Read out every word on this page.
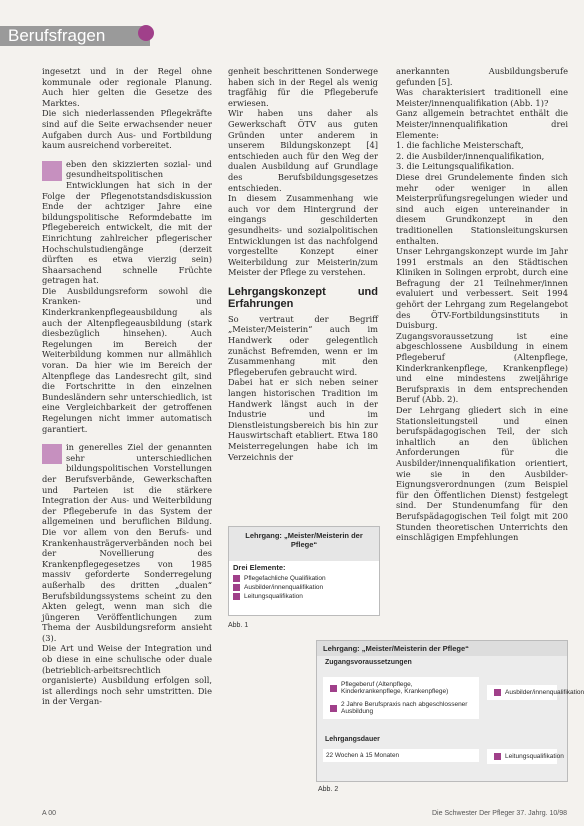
Berufsfragen

ingesetzt und in der Regel ohne kommunale oder regionale Planung. Auch hier gelten die Gesetze des Marktes.

Die sich niederlassenden Pflegekräfte sind auf die Seite erwachsender neuer Aufgaben durch Aus- und Fortbildung kaum ausreichend vorbereitet.

eben den skizzierten sozial- und gesundheitspolitischen Entwicklungen hat sich in der Folge der Pflegenotstandsdiskussion Ende der achtziger Jahre eine bildungspolitische Reformdebatte im Pflegebereich entwickelt, die mit der Einrichtung zahlreicher pflegerischer Hochschulstudiengänge (derzeit dürften es etwa vierzig sein) Shaarsachend schnelle Früchte getragen hat.

Die Ausbildungsreform sowohl die Kranken- und Kinderkrankenpflegeausbildung als auch der Altenpflegeausbildung (stark diesbezüglich hinsehen). Auch Regelungen im Bereich der Weiterbildung kommen nur allmählich voran. Da hier wie im Bereich der Altenpflege das Landesrecht gilt, sind die Fortschritte in den einzelnen Bundesländern sehr unterschiedlich, ist eine Vergleichbarkeit der getroffenen Regelungen nicht immer automatisch garantiert.

in generelles Ziel der genannten sehr unterschiedlichen bildungspolitischen Vorstellungen der Berufsverbände, Gewerkschaften und Parteien ist die stärkere Integration der Aus- und Weiterbildung der Pflegeberufe in das System der allgemeinen und beruflichen Bildung. Die vor allem von den Berufs- und Krankenhausträgerverbänden noch bei der Novellierung des Krankenpflegegesetzes von 1985 massiv geforderte Sonderregelung außerhalb des dritten „dualen“ Berufsbildungssystems scheint zu den Akten gelegt, wenn man sich die jüngeren Veröffentlichungen zum Thema der Ausbildungsreform ansieht (3).

Die Art und Weise der Integration und ob diese in eine schulische oder duale (betrieblich-arbeitsrechtlich organisierte) Ausbildung erfolgen soll, ist allerdings noch sehr umstritten. Die in der Vergan-

genheit beschrittenen Sonderwege haben sich in der Regel als wenig tragfähig für die Pflegeberufe erwiesen.

Wir haben uns daher als Gewerkschaft ÖTV aus guten Gründen unter anderem in unserem Bildungskonzept [4] entschieden auch für den Weg der dualen Ausbildung auf Grundlage des Berufsbildungsgesetzes entschieden.

In diesem Zusammenhang wie auch vor dem Hintergrund der eingangs geschilderten gesundheits- und sozialpolitischen Entwicklungen ist das nachfolgend vorgestellte Konzept einer Weiterbildung zur Meisterin/zum Meister der Pflege zu verstehen.

Lehrgangskonzept und Erfahrungen

So vertraut der Begriff „Meister/Meisterin“ auch im Handwerk oder gelegentlich zunächst Befremden, wenn er im Zusammenhang mit den Pflegeberufen gebraucht wird.

Dabei hat er sich neben seiner langen historischen Tradition im Handwerk längst auch in der Industrie und im Dienstleistungsbereich bis hin zur Hauswirtschaft etabliert. Etwa 180 Meisterregelungen habe ich im Verzeichnis der

Lehrgang: „Meister/Meisterin der Pflege“
Drei Elemente:
Pflegefachliche Qualifikation
Ausbilder/innenqualifikation
Leitungsqualifikation
Abb. 1

anerkannten Ausbildungsberufe gefunden [5].

Was charakterisiert traditionell eine Meister/innenqualifikation (Abb. 1)?

Ganz allgemein betrachtet enthält die Meister/innenqualifikation drei Elemente:

1. die fachliche Meisterschaft,

2. die Ausbilder/innenqualifikation,

3. die Leitungsqualifikation.

Diese drei Grundelemente finden sich mehr oder weniger in allen Meisterprüfungsregelungen wieder und sind auch eigen untereinander in diesem Grundkonzept in den traditionellen Stationsleitungskursen enthalten.

Unser Lehrgangskonzept wurde im Jahr 1991 erstmals an den Städtischen Kliniken in Solingen erprobt, durch eine Befragung der 21 Teilnehmer/innen evaluiert und verbessert. Seit 1994 gehört der Lehrgang zum Regelangebot des ÖTV-Fortbildungsinstituts in Duisburg.

Zugangsvoraussetzung ist eine abgeschlossene Ausbildung in einem Pflegeberuf (Altenpflege, Kinderkrankenpflege, Krankenpflege) und eine mindestens zweijährige Berufspraxis in dem entsprechenden Beruf (Abb. 2).

Der Lehrgang gliedert sich in eine Stationsleitungsteil und einen berufspädagogischen Teil, der sich inhaltlich an den üblichen Anforderungen für die Ausbilder/innenqualifikation orientiert, wie sie in den Ausbilder-Eignungsverordnungen (zum Beispiel für den Öffentlichen Dienst) festgelegt sind. Der Stundenumfang für den Berufspädagogischen Teil folgt mit 200 Stunden theoretischen Unterrichts den einschlägigen Empfehlungen

Lehrgang: „Meister/Meisterin der Pflege“
Zugangsvoraussetzungen
Pflegeberuf (Altenpflege, Kinderkrankenpflege, Krankenpflege)
2 Jahre Berufspraxis nach abgeschlossener Ausbildung
Lehrgangsdauer
22 Wochen à 15 Monaten
Ausbilder/innenqualifikation
Leitungsqualifikation
Abb. 2
A 00	Die Schwester Der Pfleger 37. Jahrg. 10/98
